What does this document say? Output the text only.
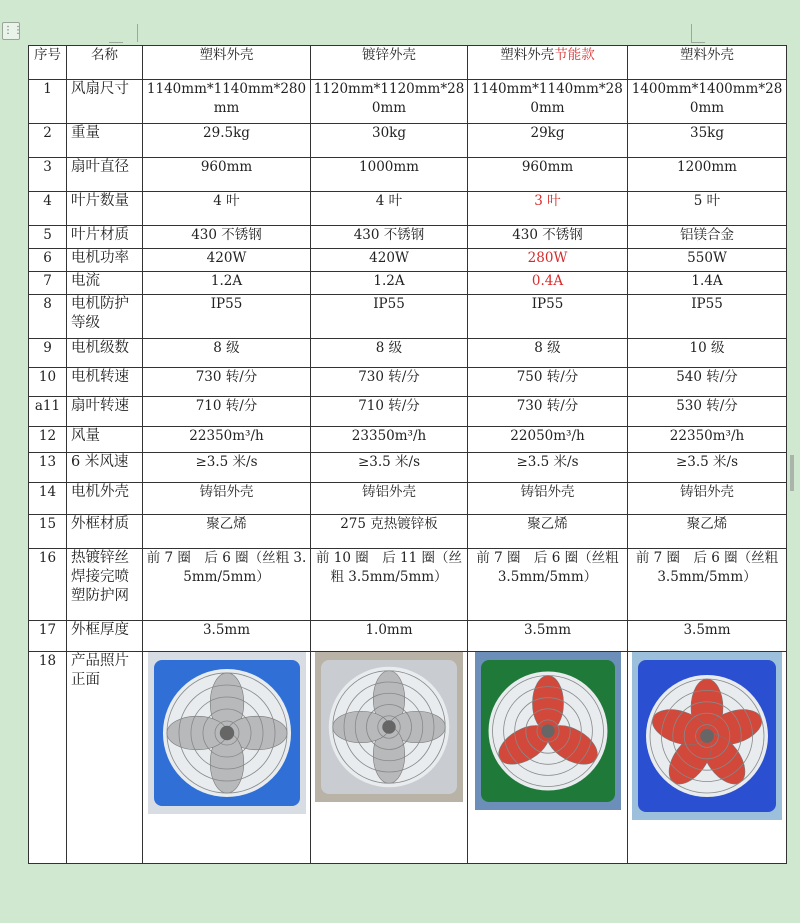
⋮⋮
序号	名称	塑料外壳	镀锌外壳	塑料外壳节能款	塑料外壳
1	风扇尺寸	1140mm*1140mm*280mm	1120mm*1120mm*280mm	1140mm*1140mm*280mm	1400mm*1400mm*280mm

2	重量	29.5kg	30kg	29kg	35kg

3	扇叶直径	960mm	1000mm	960mm	1200mm

4	叶片数量	4 叶	4 叶	3 叶	5 叶

5	叶片材质	430 不锈钢	430 不锈钢	430 不锈钢	铝镁合金

6	电机功率	420W	420W	280W	550W

7	电流	1.2A	1.2A	0.4A	1.4A

8	电机防护等级	IP55	IP55	IP55	IP55

9	电机级数	8 级	8 级	8 级	10 级

10	电机转速	730 转/分	730 转/分	750 转/分	540 转/分

a11	扇叶转速	710 转/分	710 转/分	730 转/分	530 转/分

12	风量	22350m³/h	23350m³/h	22050m³/h	22350m³/h

13	6 米风速	≥3.5 米/s	≥3.5 米/s	≥3.5 米/s	≥3.5 米/s

14	电机外壳	铸铝外壳	铸铝外壳	铸铝外壳	铸铝外壳

15	外框材质	聚乙烯	275 克热镀锌板	聚乙烯	聚乙烯

16	热镀锌丝焊接完喷塑防护网	前 7 圈　后 6 圈（丝粗 3.5mm/5mm）	前 10 圈　后 11 圈（丝粗 3.5mm/5mm）	前 7 圈　后 6 圈（丝粗 3.5mm/5mm）	前 7 圈　后 6 圈（丝粗 3.5mm/5mm）

17	外框厚度	3.5mm	1.0mm	3.5mm	3.5mm

18	产品照片正面	
